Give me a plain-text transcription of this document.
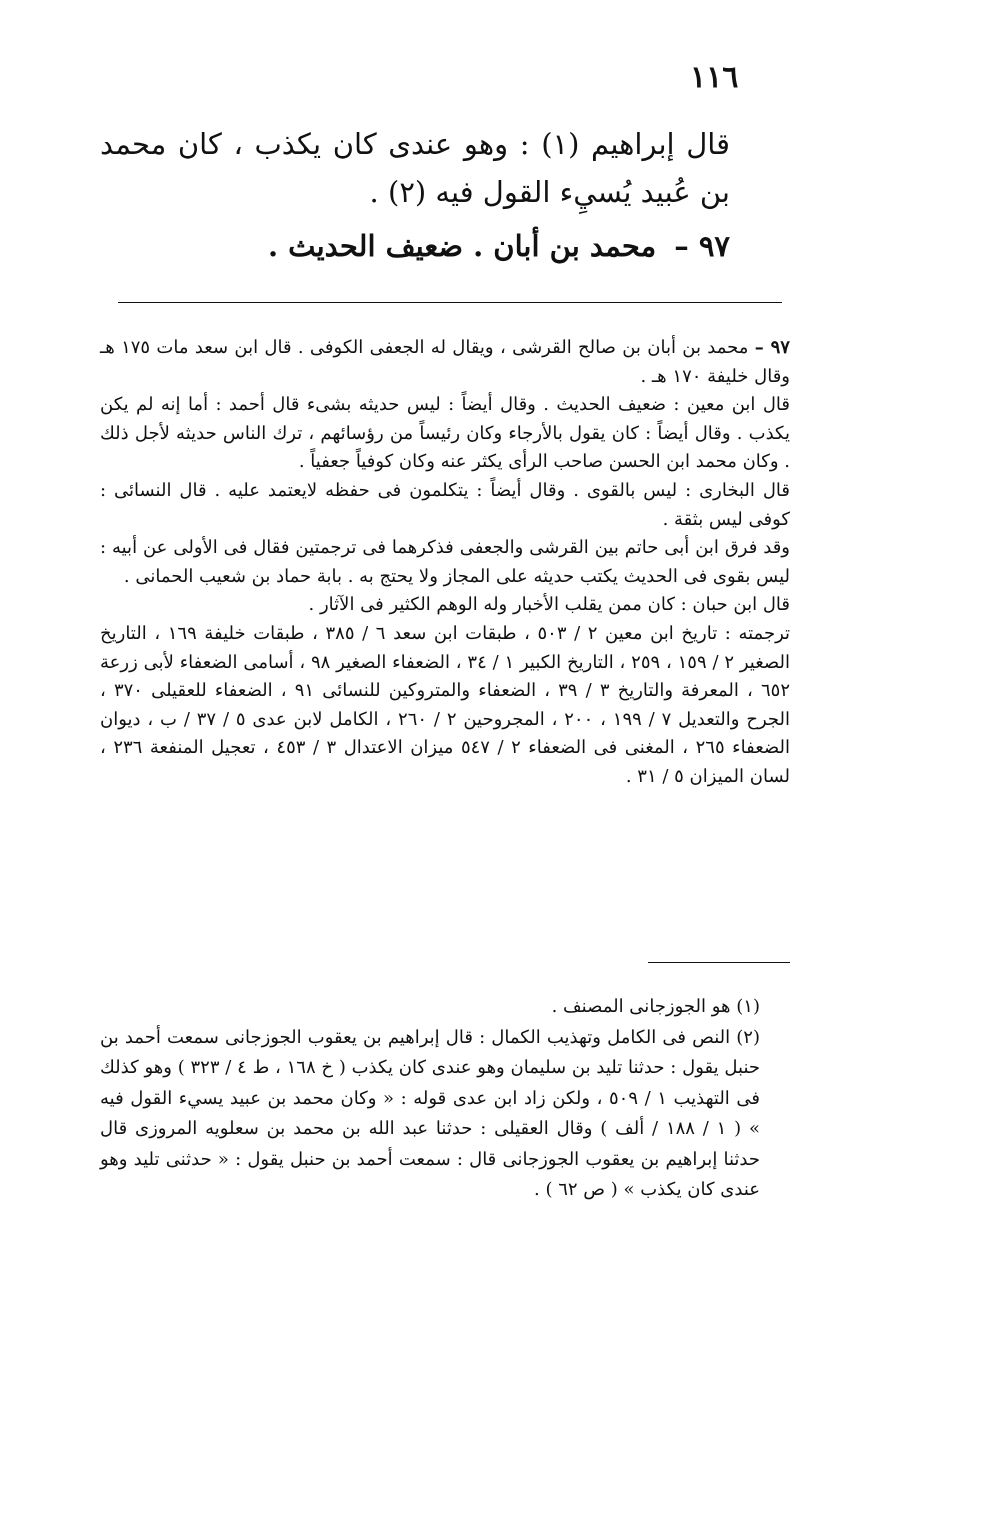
١١٦

قال إبراهيم (١) : وهو عندى كان يكذب ، كان محمد بن عُبيد يُسيِء القول فيه (٢) .

٩٧ – محمد بن أبان . ضعيف الحديث .

٩٧ – محمد بن أبان بن صالح القرشى ، ويقال له الجعفى الكوفى . قال ابن سعد مات ١٧٥ هـ وقال خليفة ١٧٠ هـ .

قال ابن معين : ضعيف الحديث . وقال أيضاً : ليس حديثه بشىء قال أحمد : أما إنه لم يكن يكذب . وقال أيضاً : كان يقول بالأرجاء وكان رئيساً من رؤسائهم ، ترك الناس حديثه لأجل ذلك . وكان محمد ابن الحسن صاحب الرأى يكثر عنه وكان كوفياً جعفياً .

قال البخارى : ليس بالقوى . وقال أيضاً : يتكلمون فى حفظه لايعتمد عليه . قال النسائى : كوفى ليس بثقة .

وقد فرق ابن أبى حاتم بين القرشى والجعفى فذكرهما فى ترجمتين فقال فى الأولى عن أبيه : ليس بقوى فى الحديث يكتب حديثه على المجاز ولا يحتج به . بابة حماد بن شعيب الحمانى .

قال ابن حبان : كان ممن يقلب الأخبار وله الوهم الكثير فى الآثار .

ترجمته : تاريخ ابن معين ٢ / ٥٠٣ ، طبقات ابن سعد ٦ / ٣٨٥ ، طبقات خليفة ١٦٩ ، التاريخ الصغير ٢ / ١٥٩ ، ٢٥٩ ، التاريخ الكبير ١ / ٣٤ ، الضعفاء الصغير ٩٨ ، أسامى الضعفاء لأبى زرعة ٦٥٢ ، المعرفة والتاريخ ٣ / ٣٩ ، الضعفاء والمتروكين للنسائى ٩١ ، الضعفاء للعقيلى ٣٧٠ ، الجرح والتعديل ٧ / ١٩٩ ، ٢٠٠ ، المجروحين ٢ / ٢٦٠ ، الكامل لابن عدى ٥ / ٣٧ / ب ، ديوان الضعفاء ٢٦٥ ، المغنى فى الضعفاء ٢ / ٥٤٧ ميزان الاعتدال ٣ / ٤٥٣ ، تعجيل المنفعة ٢٣٦ ، لسان الميزان ٥ / ٣١ .

(١) هو الجوزجانى المصنف .

(٢) النص فى الكامل وتهذيب الكمال : قال إبراهيم بن يعقوب الجوزجانى سمعت أحمد بن حنبل يقول : حدثنا تليد بن سليمان وهو عندى كان يكذب ( خ ١٦٨ ، ط ٤ / ٣٢٣ ) وهو كذلك فى التهذيب ١ / ٥٠٩ ، ولكن زاد ابن عدى قوله : « وكان محمد بن عبيد يسيء القول فيه » ( ١ / ١٨٨ / ألف ) وقال العقيلى : حدثنا عبد الله بن محمد بن سعلويه المروزى قال حدثنا إبراهيم بن يعقوب الجوزجانى قال : سمعت أحمد بن حنبل يقول : « حدثنى تليد وهو عندى كان يكذب » ( ص ٦٢ ) .
